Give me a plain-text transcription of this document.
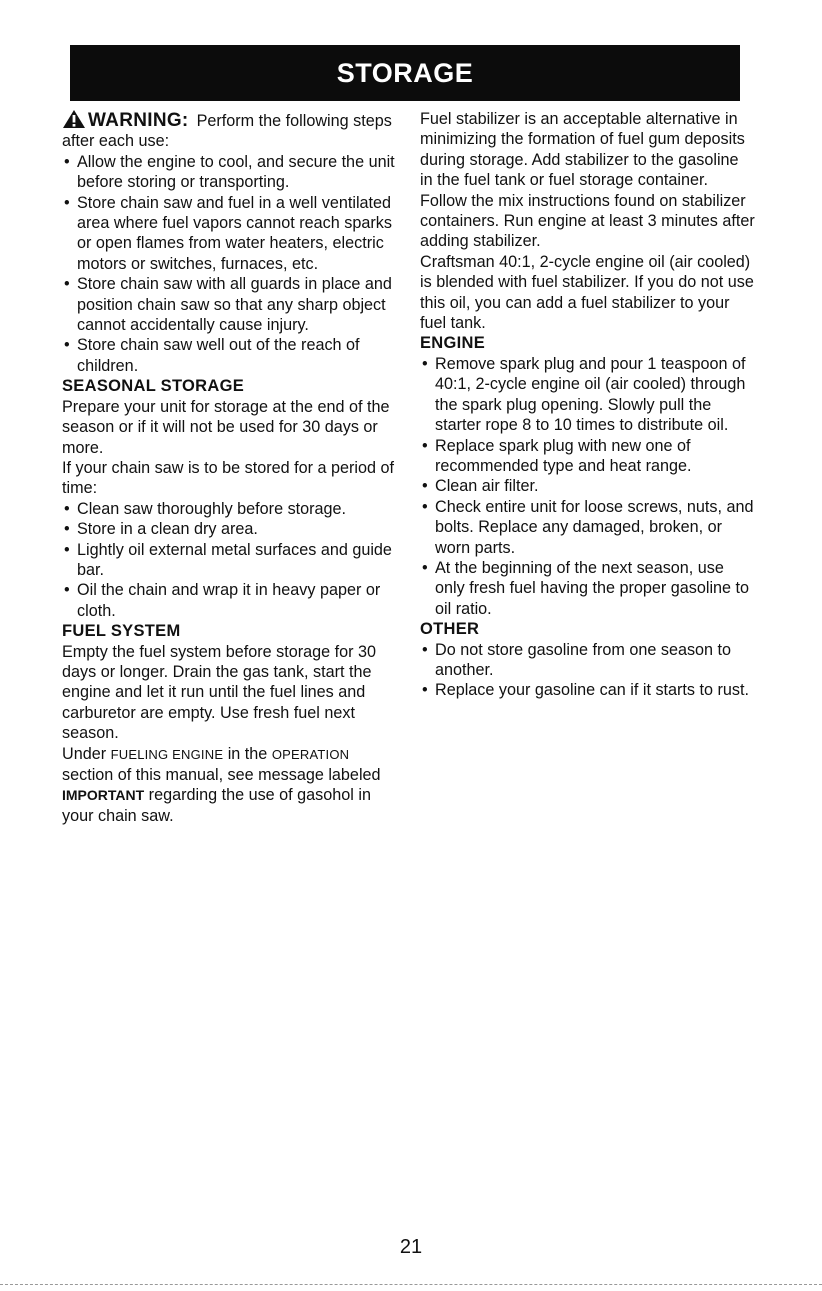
STORAGE

WARNING: Perform the following steps after each use:

• Allow the engine to cool, and secure the unit before storing or transporting.
• Store chain saw and fuel in a well ventilated area where fuel vapors cannot reach sparks or open flames from water heaters, electric motors or switches, furnaces, etc.
• Store chain saw with all guards in place and position chain saw so that any sharp object cannot accidentally cause injury.
• Store chain saw well out of the reach of children.
SEASONAL STORAGE

Prepare your unit for storage at the end of the season or if it will not be used for 30 days or more.

If your chain saw is to be stored for a period of time:

• Clean saw thoroughly before storage.
• Store in a clean dry area.
• Lightly oil external metal surfaces and guide bar.
• Oil the chain and wrap it in heavy paper or cloth.
FUEL SYSTEM

Empty the fuel system before storage for 30 days or longer. Drain the gas tank, start the engine and let it run until the fuel lines and carburetor are empty. Use fresh fuel next season.

Under FUELING ENGINE in the OPERATION section of this manual, see message labeled IMPORTANT regarding the use of gasohol in your chain saw.

Fuel stabilizer is an acceptable alternative in minimizing the formation of fuel gum deposits during storage. Add stabilizer to the gasoline in the fuel tank or fuel storage container.

Follow the mix instructions found on stabilizer containers. Run engine at least 3 minutes after adding stabilizer.

Craftsman 40:1, 2-cycle engine oil (air cooled) is blended with fuel stabilizer. If you do not use this oil, you can add a fuel stabilizer to your fuel tank.

ENGINE
• Remove spark plug and pour 1 teaspoon of 40:1, 2-cycle engine oil (air cooled) through the spark plug opening. Slowly pull the starter rope 8 to 10 times to distribute oil.
• Replace spark plug with new one of recommended type and heat range.
• Clean air filter.
• Check entire unit for loose screws, nuts, and bolts. Replace any damaged, broken, or worn parts.
• At the beginning of the next season, use only fresh fuel having the proper gasoline to oil ratio.
OTHER
• Do not store gasoline from one season to another.
• Replace your gasoline can if it starts to rust.
21
